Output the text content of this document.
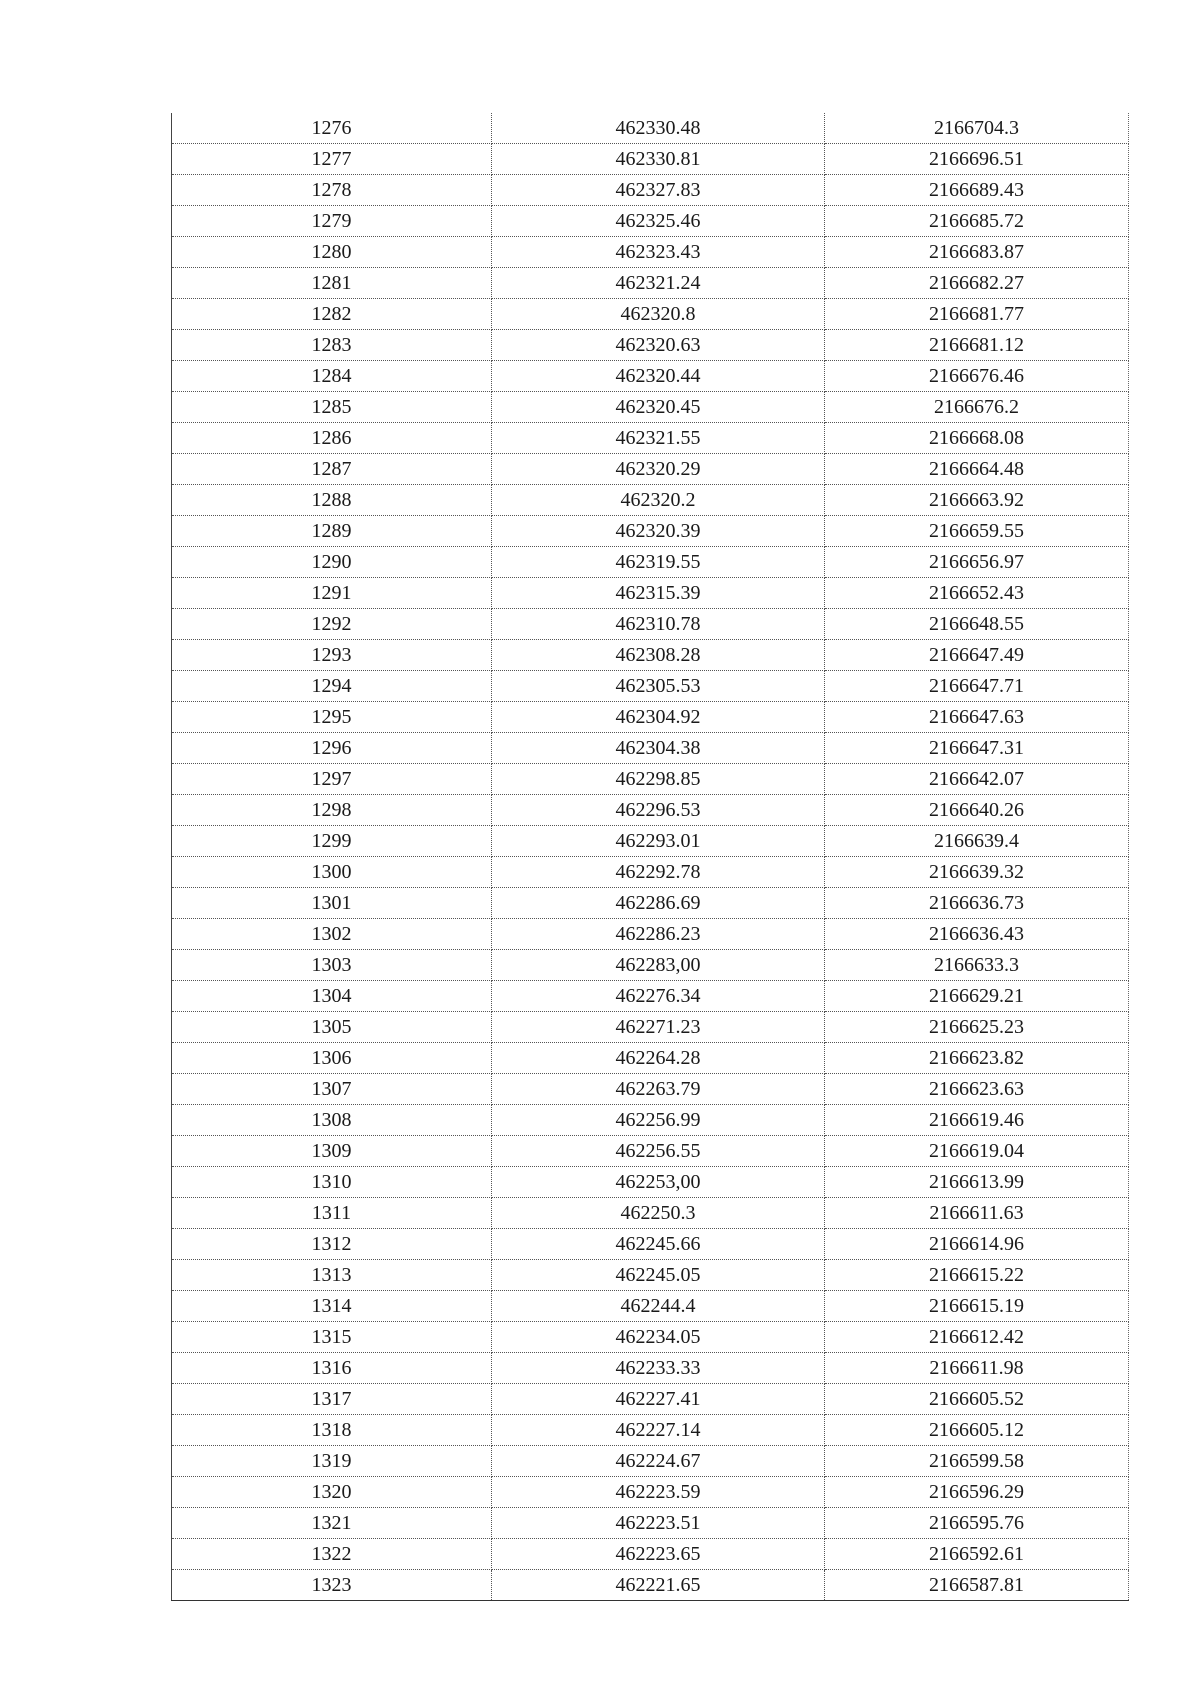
1276	462330.48	2166704.3
1277	462330.81	2166696.51
1278	462327.83	2166689.43
1279	462325.46	2166685.72
1280	462323.43	2166683.87
1281	462321.24	2166682.27
1282	462320.8	2166681.77
1283	462320.63	2166681.12
1284	462320.44	2166676.46
1285	462320.45	2166676.2
1286	462321.55	2166668.08
1287	462320.29	2166664.48
1288	462320.2	2166663.92
1289	462320.39	2166659.55
1290	462319.55	2166656.97
1291	462315.39	2166652.43
1292	462310.78	2166648.55
1293	462308.28	2166647.49
1294	462305.53	2166647.71
1295	462304.92	2166647.63
1296	462304.38	2166647.31
1297	462298.85	2166642.07
1298	462296.53	2166640.26
1299	462293.01	2166639.4
1300	462292.78	2166639.32
1301	462286.69	2166636.73
1302	462286.23	2166636.43
1303	462283,00	2166633.3
1304	462276.34	2166629.21
1305	462271.23	2166625.23
1306	462264.28	2166623.82
1307	462263.79	2166623.63
1308	462256.99	2166619.46
1309	462256.55	2166619.04
1310	462253,00	2166613.99
1311	462250.3	2166611.63
1312	462245.66	2166614.96
1313	462245.05	2166615.22
1314	462244.4	2166615.19
1315	462234.05	2166612.42
1316	462233.33	2166611.98
1317	462227.41	2166605.52
1318	462227.14	2166605.12
1319	462224.67	2166599.58
1320	462223.59	2166596.29
1321	462223.51	2166595.76
1322	462223.65	2166592.61
1323	462221.65	2166587.81
